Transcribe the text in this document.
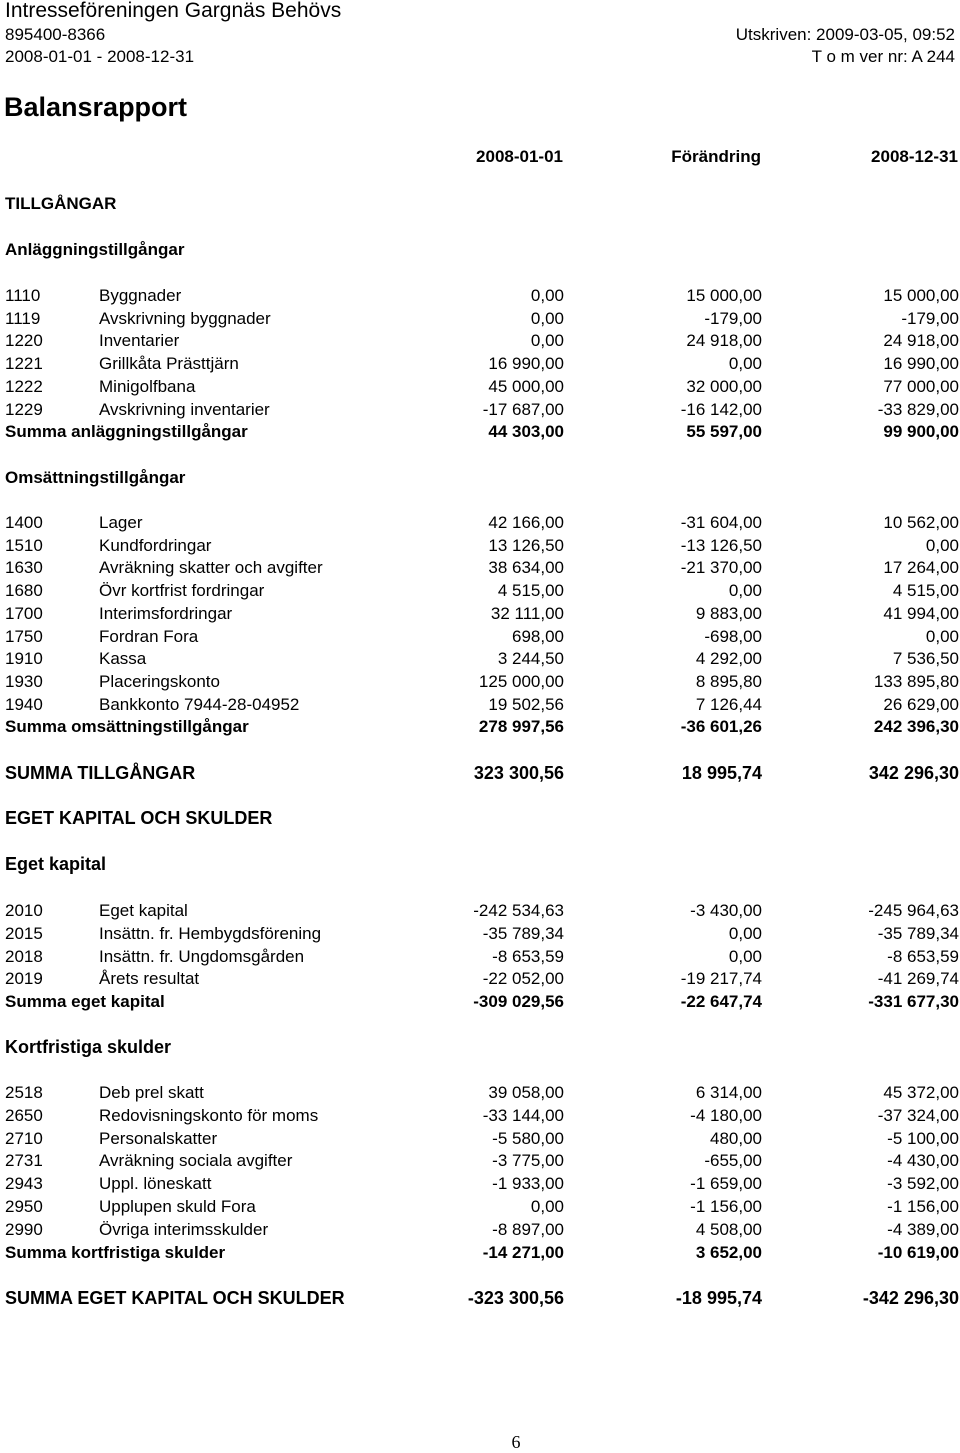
Intresseföreningen Gargnäs Behövs
895400-8366	Utskriven: 2009-03-05, 09:52
2008-01-01 - 2008-12-31	T o m ver nr: A 244
Balansrapport
2008-01-01	Förändring	2008-12-31
TILLGÅNGAR
Anläggningstillgångar
1110	Byggnader	0,00	15 000,00	15 000,00
1119	Avskrivning byggnader	0,00	-179,00	-179,00
1220	Inventarier	0,00	24 918,00	24 918,00
1221	Grillkåta Prästtjärn	16 990,00	0,00	16 990,00
1222	Minigolfbana	45 000,00	32 000,00	77 000,00
1229	Avskrivning inventarier	-17 687,00	-16 142,00	-33 829,00
Summa anläggningstillgångar	44 303,00	55 597,00	99 900,00
Omsättningstillgångar
1400	Lager	42 166,00	-31 604,00	10 562,00
1510	Kundfordringar	13 126,50	-13 126,50	0,00
1630	Avräkning skatter och avgifter	38 634,00	-21 370,00	17 264,00
1680	Övr kortfrist fordringar	4 515,00	0,00	4 515,00
1700	Interimsfordringar	32 111,00	9 883,00	41 994,00
1750	Fordran Fora	698,00	-698,00	0,00
1910	Kassa	3 244,50	4 292,00	7 536,50
1930	Placeringskonto	125 000,00	8 895,80	133 895,80
1940	Bankkonto 7944-28-04952	19 502,56	7 126,44	26 629,00
Summa omsättningstillgångar	278 997,56	-36 601,26	242 396,30
SUMMA TILLGÅNGAR	323 300,56	18 995,74	342 296,30
EGET KAPITAL OCH SKULDER
Eget kapital
2010	Eget kapital	-242 534,63	-3 430,00	-245 964,63
2015	Insättn. fr. Hembygdsförening	-35 789,34	0,00	-35 789,34
2018	Insättn. fr. Ungdomsgården	-8 653,59	0,00	-8 653,59
2019	Årets resultat	-22 052,00	-19 217,74	-41 269,74
Summa eget kapital	-309 029,56	-22 647,74	-331 677,30
Kortfristiga skulder
2518	Deb prel skatt	39 058,00	6 314,00	45 372,00
2650	Redovisningskonto för moms	-33 144,00	-4 180,00	-37 324,00
2710	Personalskatter	-5 580,00	480,00	-5 100,00
2731	Avräkning sociala avgifter	-3 775,00	-655,00	-4 430,00
2943	Uppl. löneskatt	-1 933,00	-1 659,00	-3 592,00
2950	Upplupen skuld Fora	0,00	-1 156,00	-1 156,00
2990	Övriga interimsskulder	-8 897,00	4 508,00	-4 389,00
Summa kortfristiga skulder	-14 271,00	3 652,00	-10 619,00
SUMMA EGET KAPITAL OCH SKULDER	-323 300,56	-18 995,74	-342 296,30
6
